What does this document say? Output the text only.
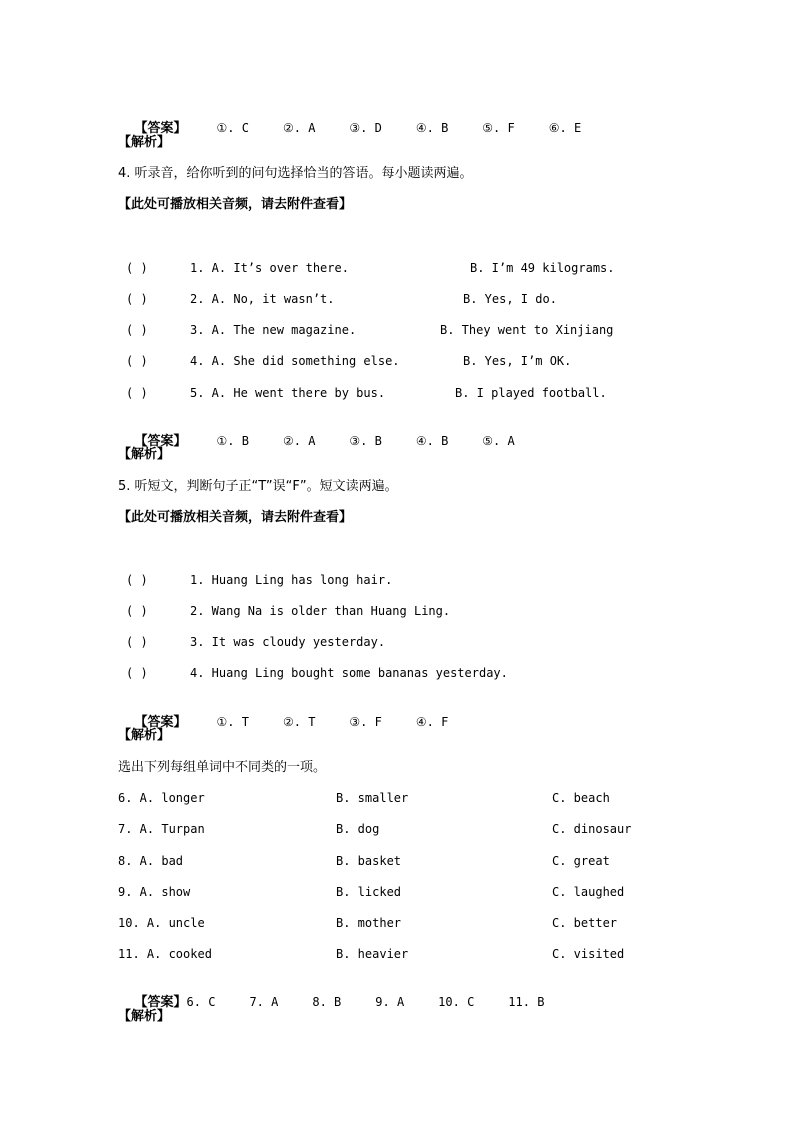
【答案】	①. C	②. A	③. D	④. B	⑤. F	⑥. E

【解析】
4. 听录音，给你听到的问句选择恰当的答语。每小题读两遍。
【此处可播放相关音频，请去附件查看】
( )	1. A. It’s over there.	B. I’m 49 kilograms.
( )	2. A. No, it wasn’t.	B. Yes, I do.
( )	3. A. The new magazine.	B. They went to Xinjiang
( )	4. A. She did something else.	B. Yes, I’m OK.
( )	5. A. He went there by bus.	B. I played football.

【答案】	①. B	②. A	③. B	④. B	⑤. A

【解析】
5. 听短文，判断句子正“T”误“F”。短文读两遍。
【此处可播放相关音频，请去附件查看】
( )	1. Huang Ling has long hair.
( )	2. Wang Na is older than Huang Ling.
( )	3. It was cloudy yesterday.
( )	4. Huang Ling bought some bananas yesterday.

【答案】	①. T	②. T	③. F	④. F

【解析】
选出下列每组单词中不同类的一项。
6. A. longer	B. smaller	C. beach
7. A. Turpan	B. dog	C. dinosaur
8. A. bad	B. basket	C. great
9. A. show	B. licked	C. laughed
10. A. uncle	B. mother	C. better
11. A. cooked	B. heavier	C. visited

【答案】6. C	7. A	8. B	9. A	10. C	11. B

【解析】
